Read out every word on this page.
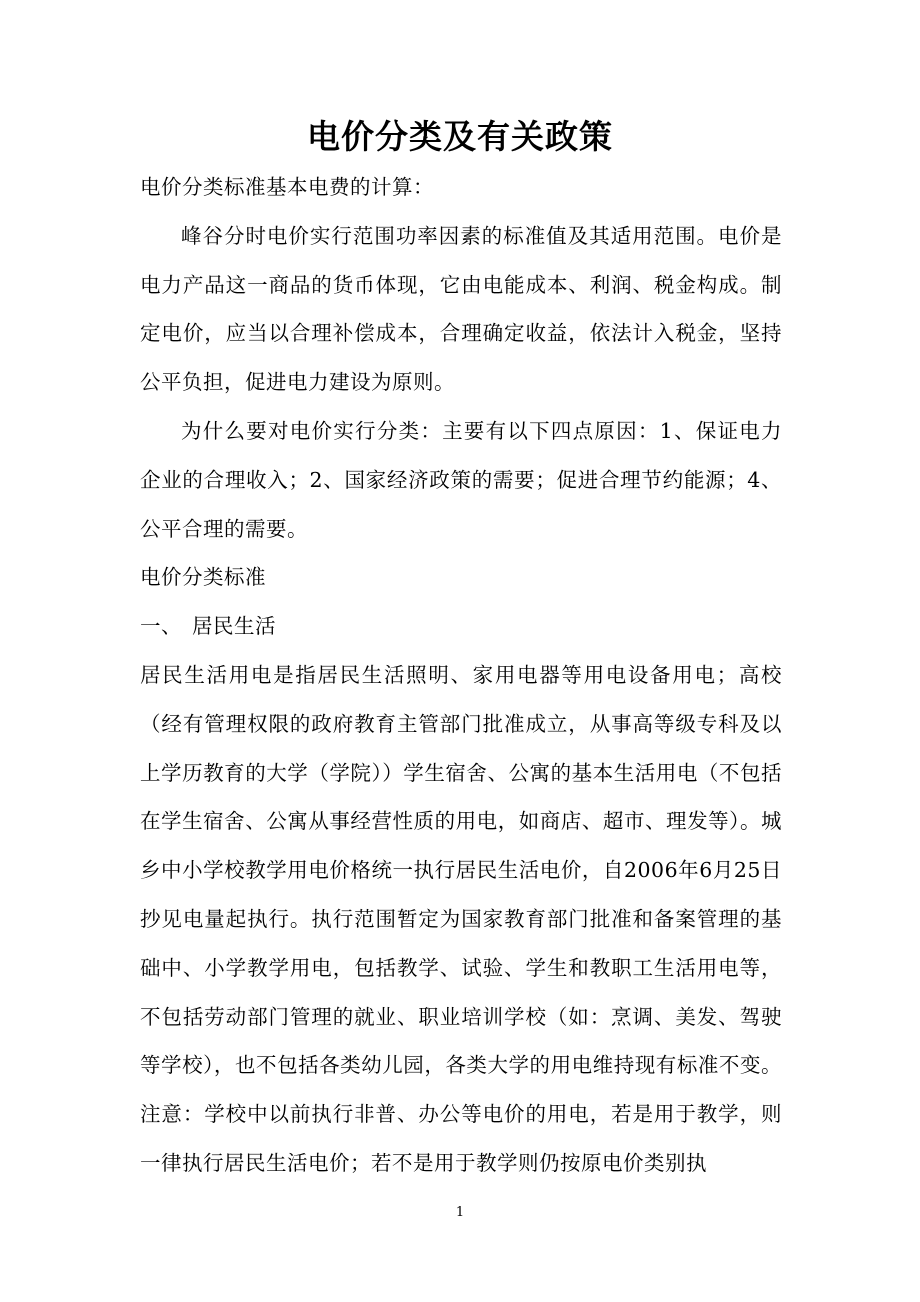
电价分类及有关政策

电价分类标准基本电费的计算：

峰谷分时电价实行范围功率因素的标准值及其适用范围。电价是电力产品这一商品的货币体现，它由电能成本、利润、税金构成。制定电价，应当以合理补偿成本，合理确定收益，依法计入税金，坚持公平负担，促进电力建设为原则。

为什么要对电价实行分类：主要有以下四点原因：1、保证电力企业的合理收入；2、国家经济政策的需要；促进合理节约能源；4、公平合理的需要。

电价分类标准

一、 居民生活

居民生活用电是指居民生活照明、家用电器等用电设备用电；高校（经有管理权限的政府教育主管部门批准成立，从事高等级专科及以上学历教育的大学（学院））学生宿舍、公寓的基本生活用电（不包括在学生宿舍、公寓从事经营性质的用电，如商店、超市、理发等）。城乡中小学校教学用电价格统一执行居民生活电价，自2006年6月25日抄见电量起执行。执行范围暂定为国家教育部门批准和备案管理的基础中、小学教学用电，包括教学、试验、学生和教职工生活用电等，不包括劳动部门管理的就业、职业培训学校（如：烹调、美发、驾驶等学校），也不包括各类幼儿园，各类大学的用电维持现有标准不变。注意：学校中以前执行非普、办公等电价的用电，若是用于教学，则一律执行居民生活电价；若不是用于教学则仍按原电价类别执

1
